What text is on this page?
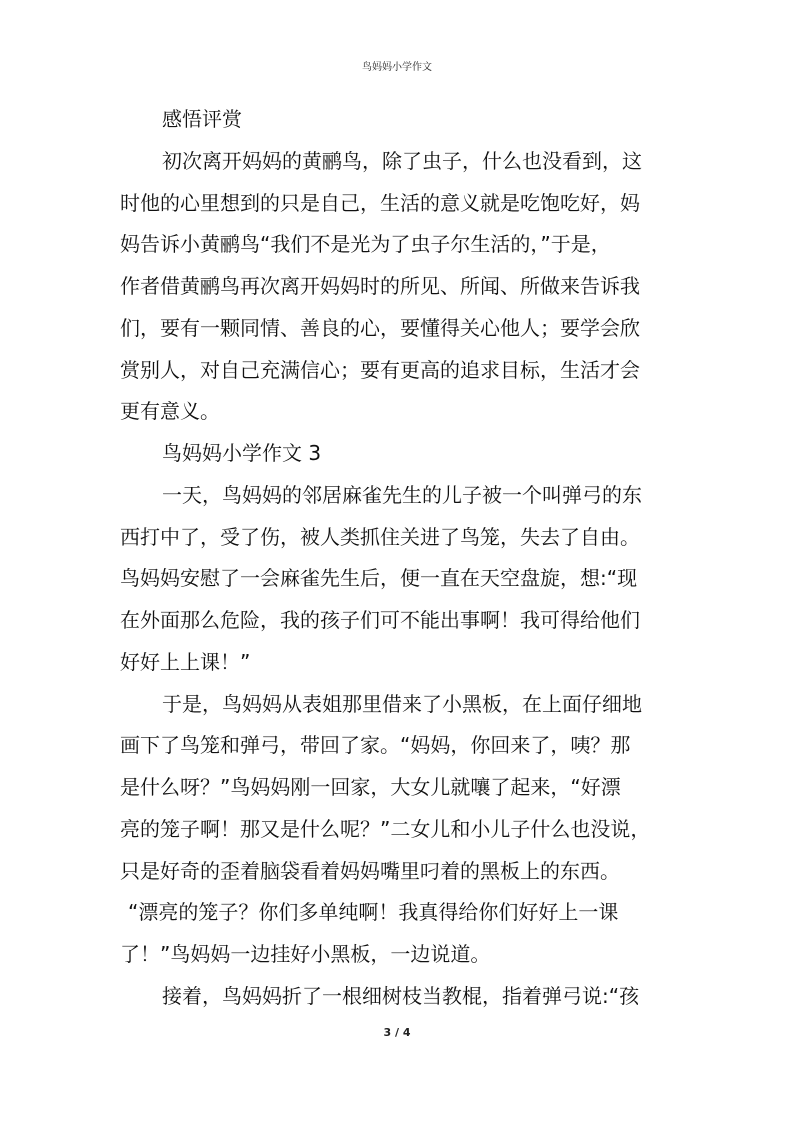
鸟妈妈小学作文
感悟评赏
初次离开妈妈的黄鹂鸟，除了虫子，什么也没看到，这
时他的心里想到的只是自己，生活的意义就是吃饱吃好，妈
妈告诉小黄鹂鸟“我们不是光为了虫子尔生活的，”于是，
作者借黄鹂鸟再次离开妈妈时的所见、所闻、所做来告诉我
们，要有一颗同情、善良的心，要懂得关心他人；要学会欣
赏别人，对自己充满信心；要有更高的追求目标，生活才会
更有意义。
鸟妈妈小学作文 3
一天，鸟妈妈的邻居麻雀先生的儿子被一个叫弹弓的东
西打中了，受了伤，被人类抓住关进了鸟笼，失去了自由。
鸟妈妈安慰了一会麻雀先生后，便一直在天空盘旋，想:“现
在外面那么危险，我的孩子们可不能出事啊！我可得给他们
好好上上课！”
于是，鸟妈妈从表姐那里借来了小黑板，在上面仔细地
画下了鸟笼和弹弓，带回了家。“妈妈，你回来了，咦？那
是什么呀？”鸟妈妈刚一回家，大女儿就嚷了起来，“好漂
亮的笼子啊！那又是什么呢？”二女儿和小儿子什么也没说，
只是好奇的歪着脑袋看着妈妈嘴里叼着的黑板上的东西。
“漂亮的笼子？你们多单纯啊！我真得给你们好好上一课
了！”鸟妈妈一边挂好小黑板，一边说道。
接着，鸟妈妈折了一根细树枝当教棍，指着弹弓说:“孩
3 / 4
